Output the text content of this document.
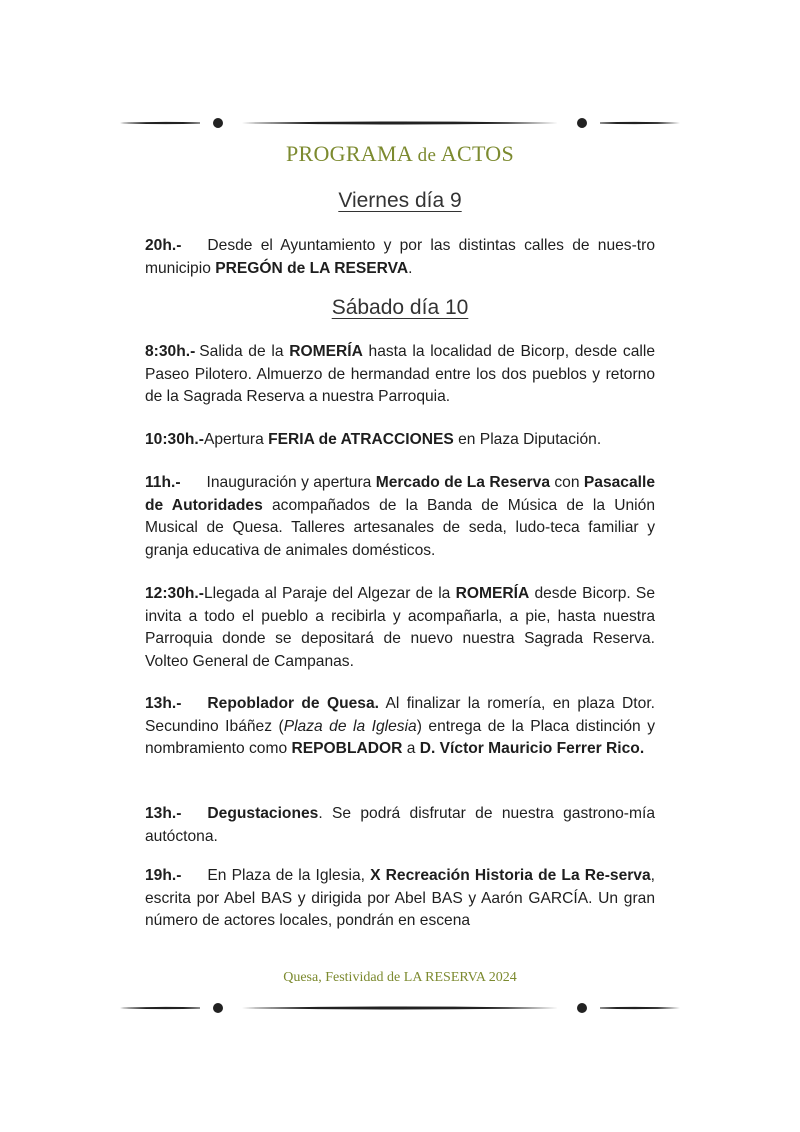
PROGRAMA de ACTOS
Viernes día 9
20h.- Desde el Ayuntamiento y por las distintas calles de nues-tro municipio PREGÓN de LA RESERVA.
Sábado día 10
8:30h.- Salida de la ROMERÍA hasta la localidad de Bicorp, desde calle Paseo Pilotero. Almuerzo de hermandad entre los dos pueblos y retorno de la Sagrada Reserva a nuestra Parroquia.
10:30h.-Apertura FERIA de ATRACCIONES en Plaza Diputación.
11h.- Inauguración y apertura Mercado de La Reserva con Pasacalle de Autoridades acompañados de la Banda de Música de la Unión Musical de Quesa. Talleres artesanales de seda, ludo-teca familiar y granja educativa de animales domésticos.
12:30h.-Llegada al Paraje del Algezar de la ROMERÍA desde Bicorp. Se invita a todo el pueblo a recibirla y acompañarla, a pie, hasta nuestra Parroquia donde se depositará de nuevo nuestra Sagrada Reserva. Volteo General de Campanas.
13h.- Repoblador de Quesa. Al finalizar la romería, en plaza Dtor. Secundino Ibáñez (Plaza de la Iglesia) entrega de la Placa distinción y nombramiento como REPOBLADOR a D. Víctor Mauricio Ferrer Rico.
13h.- Degustaciones. Se podrá disfrutar de nuestra gastrono-mía autóctona.
19h.- En Plaza de la Iglesia, X Recreación Historia de La Re-serva, escrita por Abel BAS y dirigida por Abel BAS y Aarón GARCÍA. Un gran número de actores locales, pondrán en escena
Quesa, Festividad de LA RESERVA 2024
